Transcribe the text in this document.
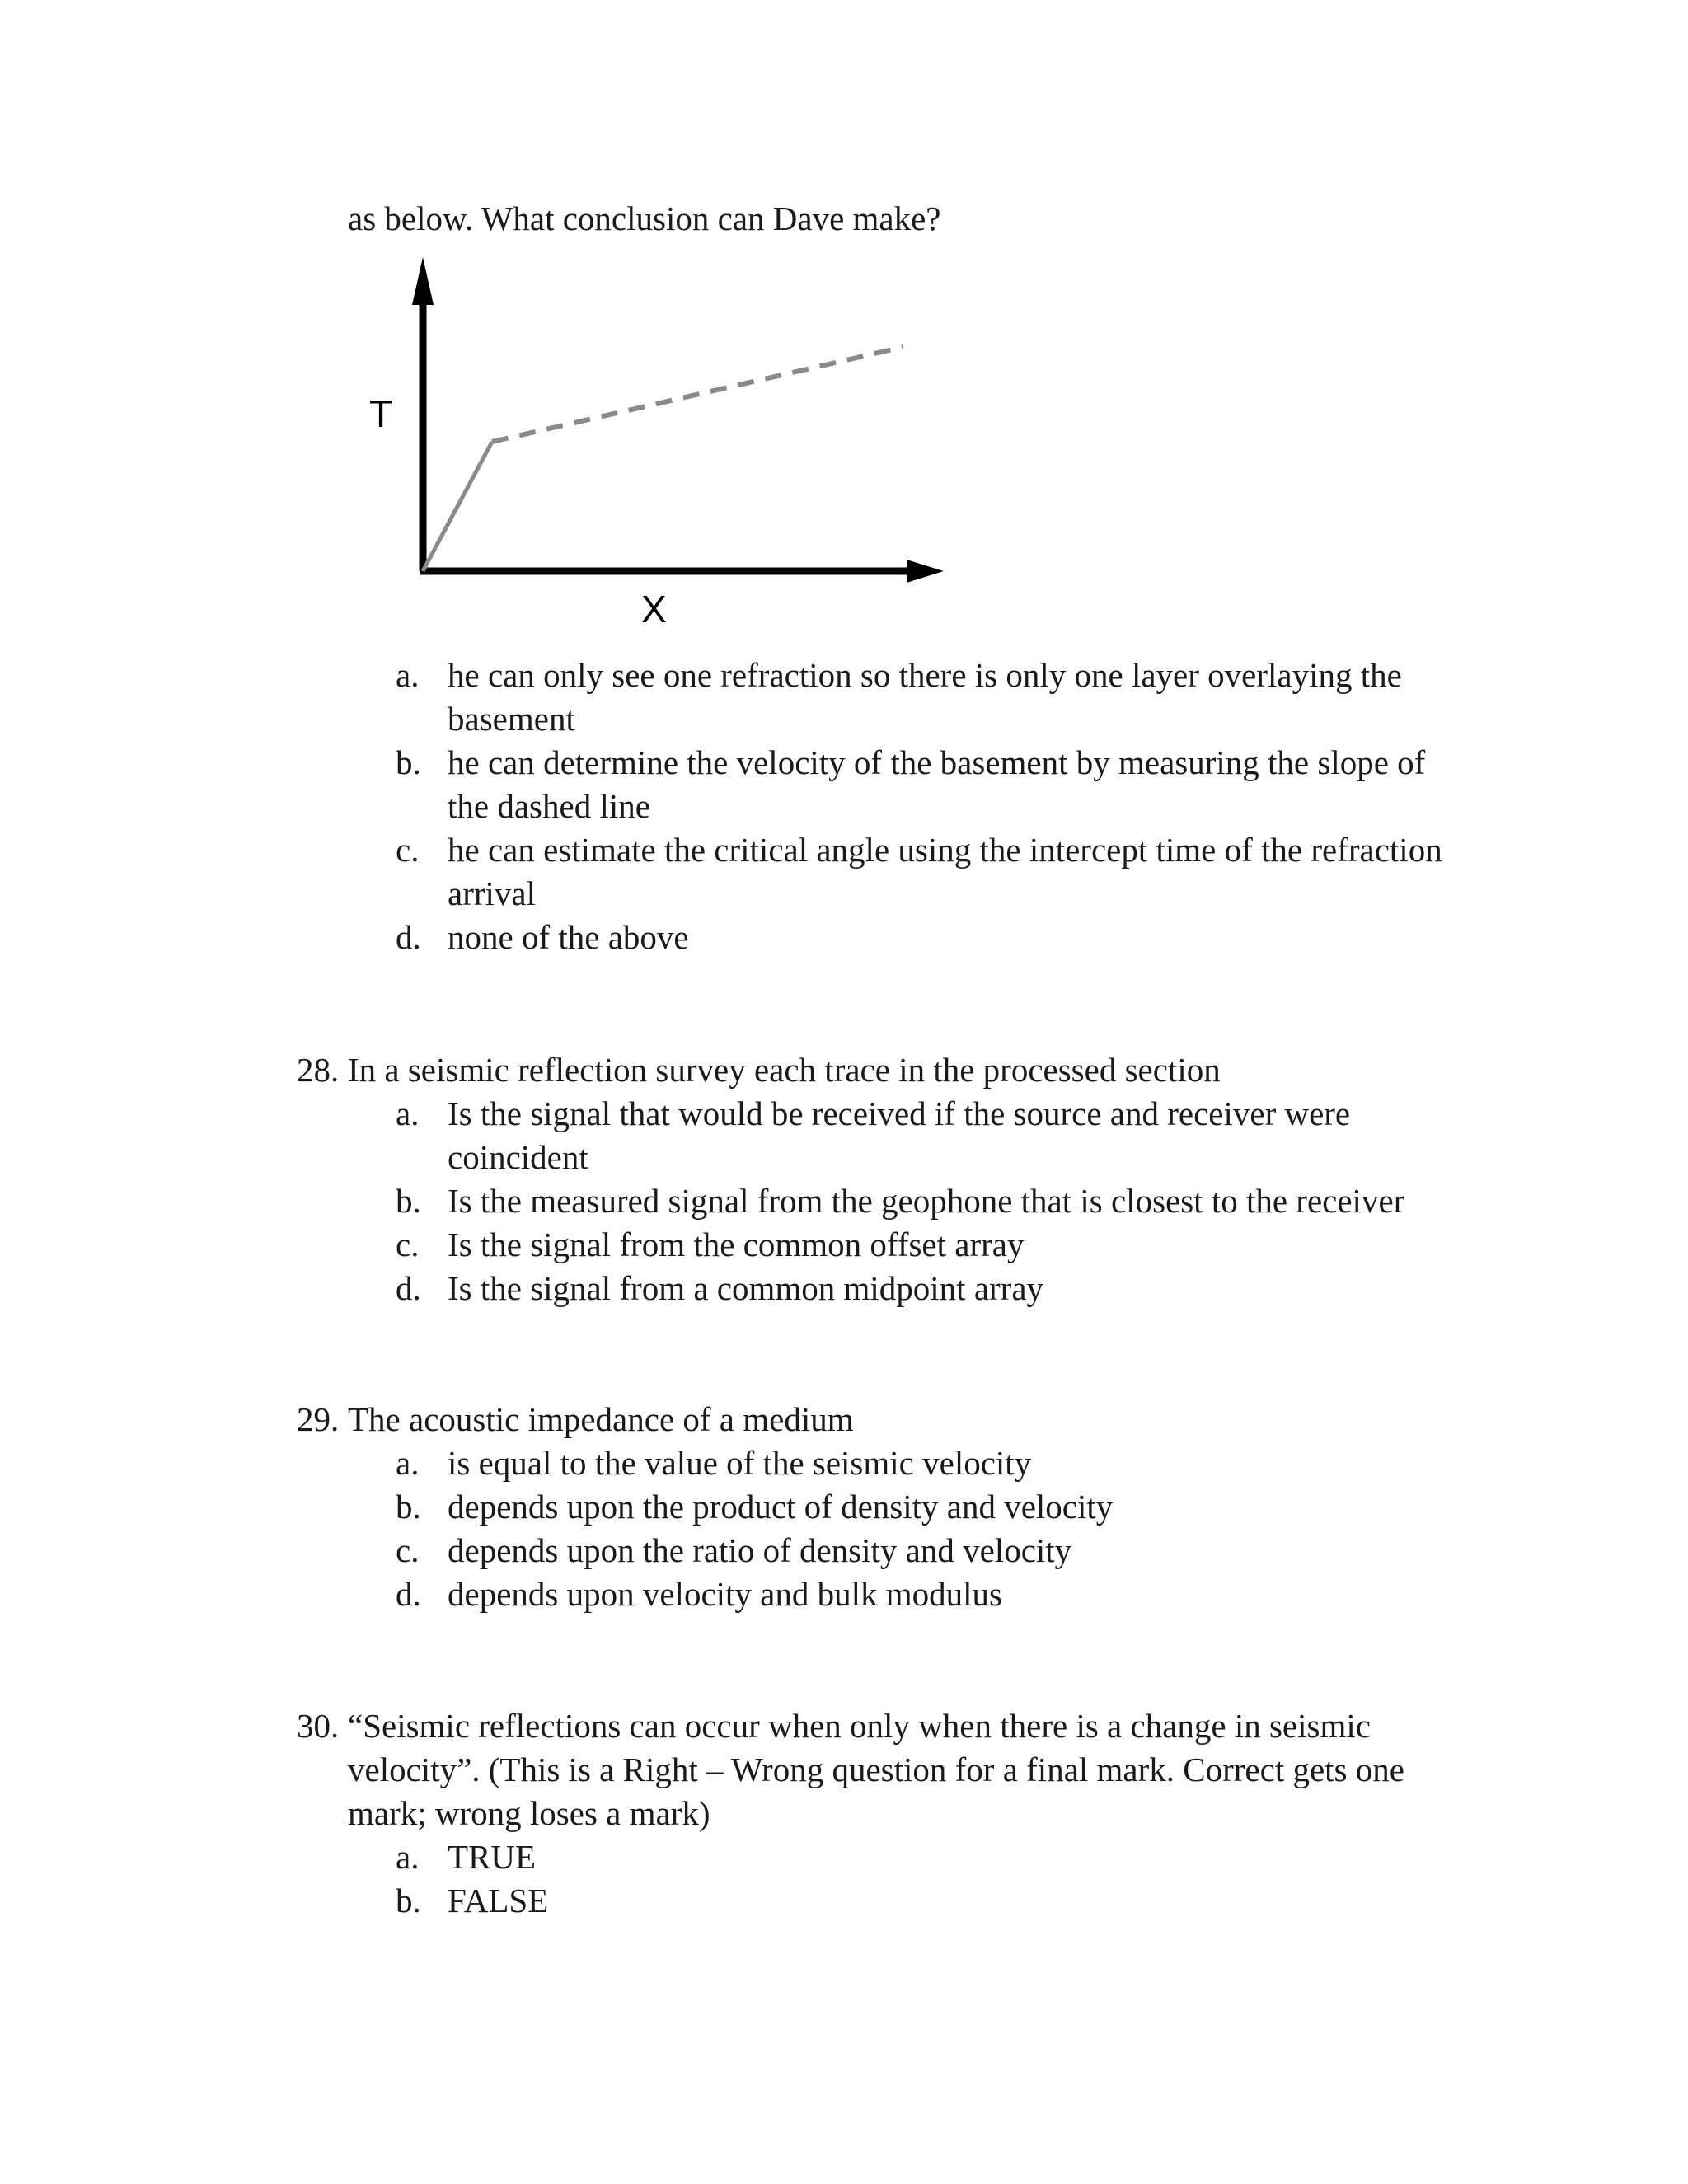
as below. What conclusion can Dave make?
T
X
a. he can only see one refraction so there is only one layer overlaying the
basement
b. he can determine the velocity of the basement by measuring the slope of
the dashed line
c. he can estimate the critical angle using the intercept time of the refraction
arrival
d. none of the above
28. In a seismic reflection survey each trace in the processed section
a. Is the signal that would be received if the source and receiver were
coincident
b. Is the measured signal from the geophone that is closest to the receiver
c. Is the signal from the common offset array
d. Is the signal from a common midpoint array
29. The acoustic impedance of a medium
a. is equal to the value of the seismic velocity
b. depends upon the product of density and velocity
c. depends upon the ratio of density and velocity
d. depends upon velocity and bulk modulus
30. “Seismic reflections can occur when only when there is a change in seismic
velocity”. (This is a Right – Wrong question for a final mark. Correct gets one
mark; wrong loses a mark)
a. TRUE
b. FALSE
